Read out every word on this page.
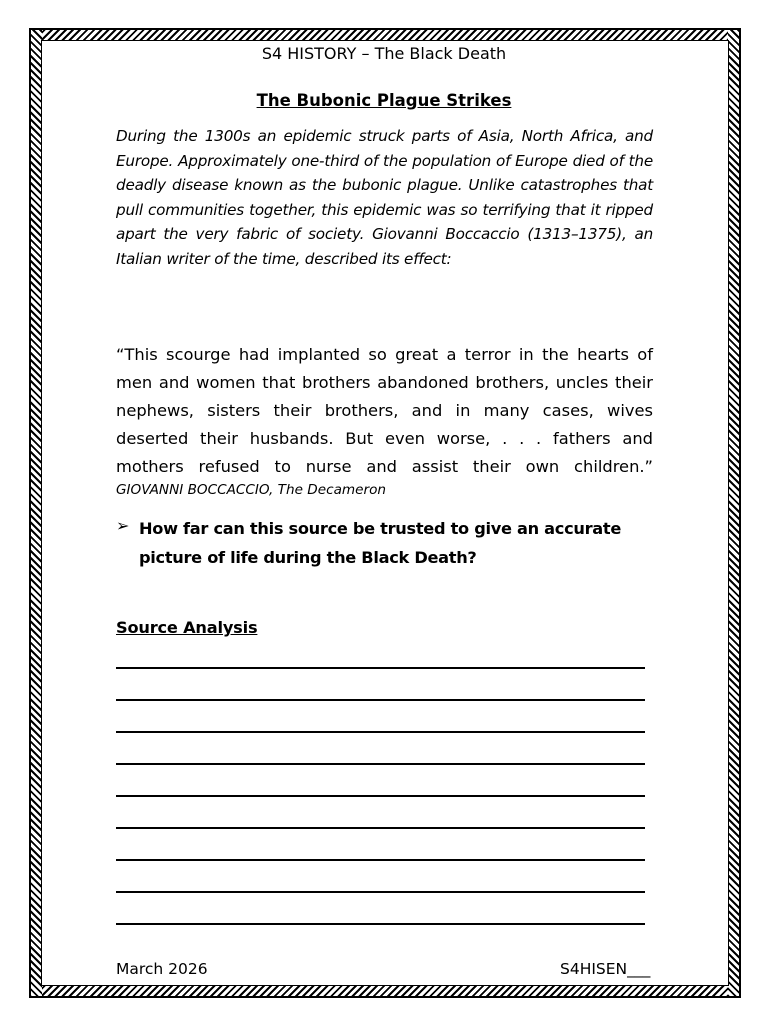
S4 HISTORY – The Black Death
The Bubonic Plague Strikes
During the 1300s an epidemic struck parts of Asia, North Africa, and Europe. Approximately one-third of the population of Europe died of the deadly disease known as the bubonic plague. Unlike catastrophes that pull communities together, this epidemic was so terrifying that it ripped apart the very fabric of society. Giovanni Boccaccio (1313–1375), an Italian writer of the time, described its effect:
“This scourge had implanted so great a terror in the hearts of men and women that brothers abandoned brothers, uncles their nephews, sisters their brothers, and in many cases, wives deserted their husbands. But even worse, . . . fathers and
mothers refused to nurse and assist their own children.”
GIOVANNI BOCCACCIO, The Decameron
➢ How far can this source be trusted to give an accurate picture of life during the Black Death?
Source Analysis
March 2026	S4HISEN___
